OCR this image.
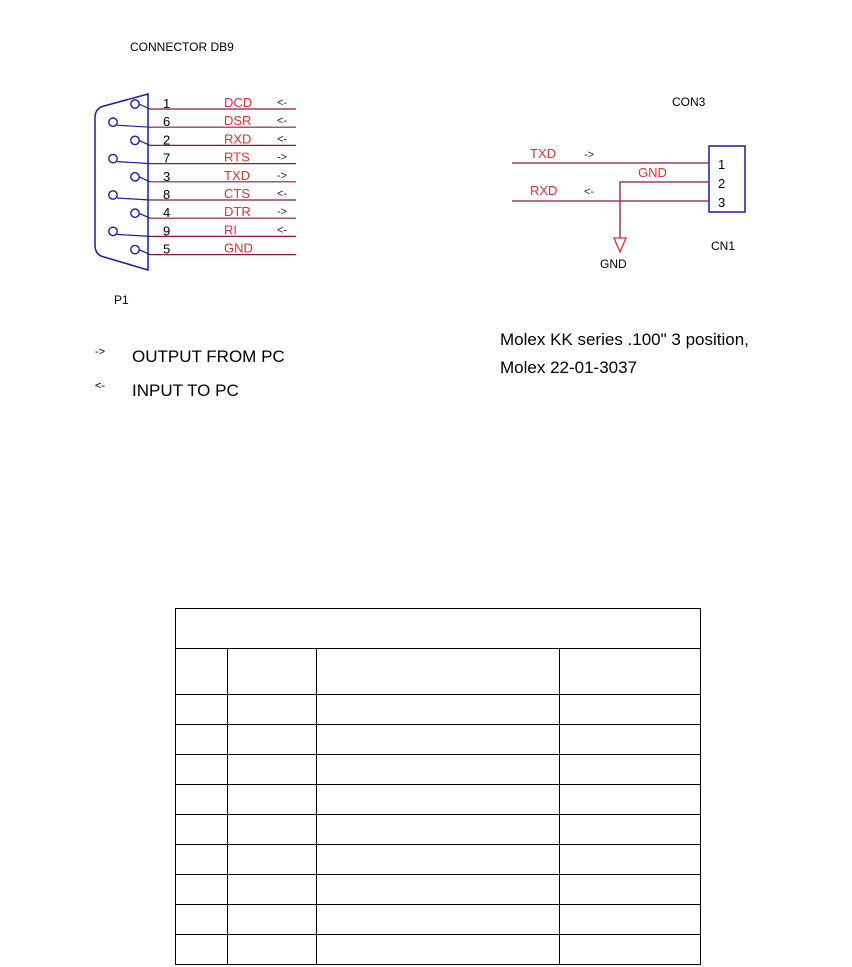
CONNECTOR DB9
1	DCD <-
6	DSR <-
2	RXD <-
7	RTS ->
3	TXD ->
8	CTS <-
4	DTR ->
9	RI	<-
5	GND
P1
CON3
1
2
3
CN1
TXD	->
GND
RXD <-
GND
Molex KK series .100" 3 position,
Molex 22-01-3037
-> OUTPUT FROM PC
<- INPUT TO PC
